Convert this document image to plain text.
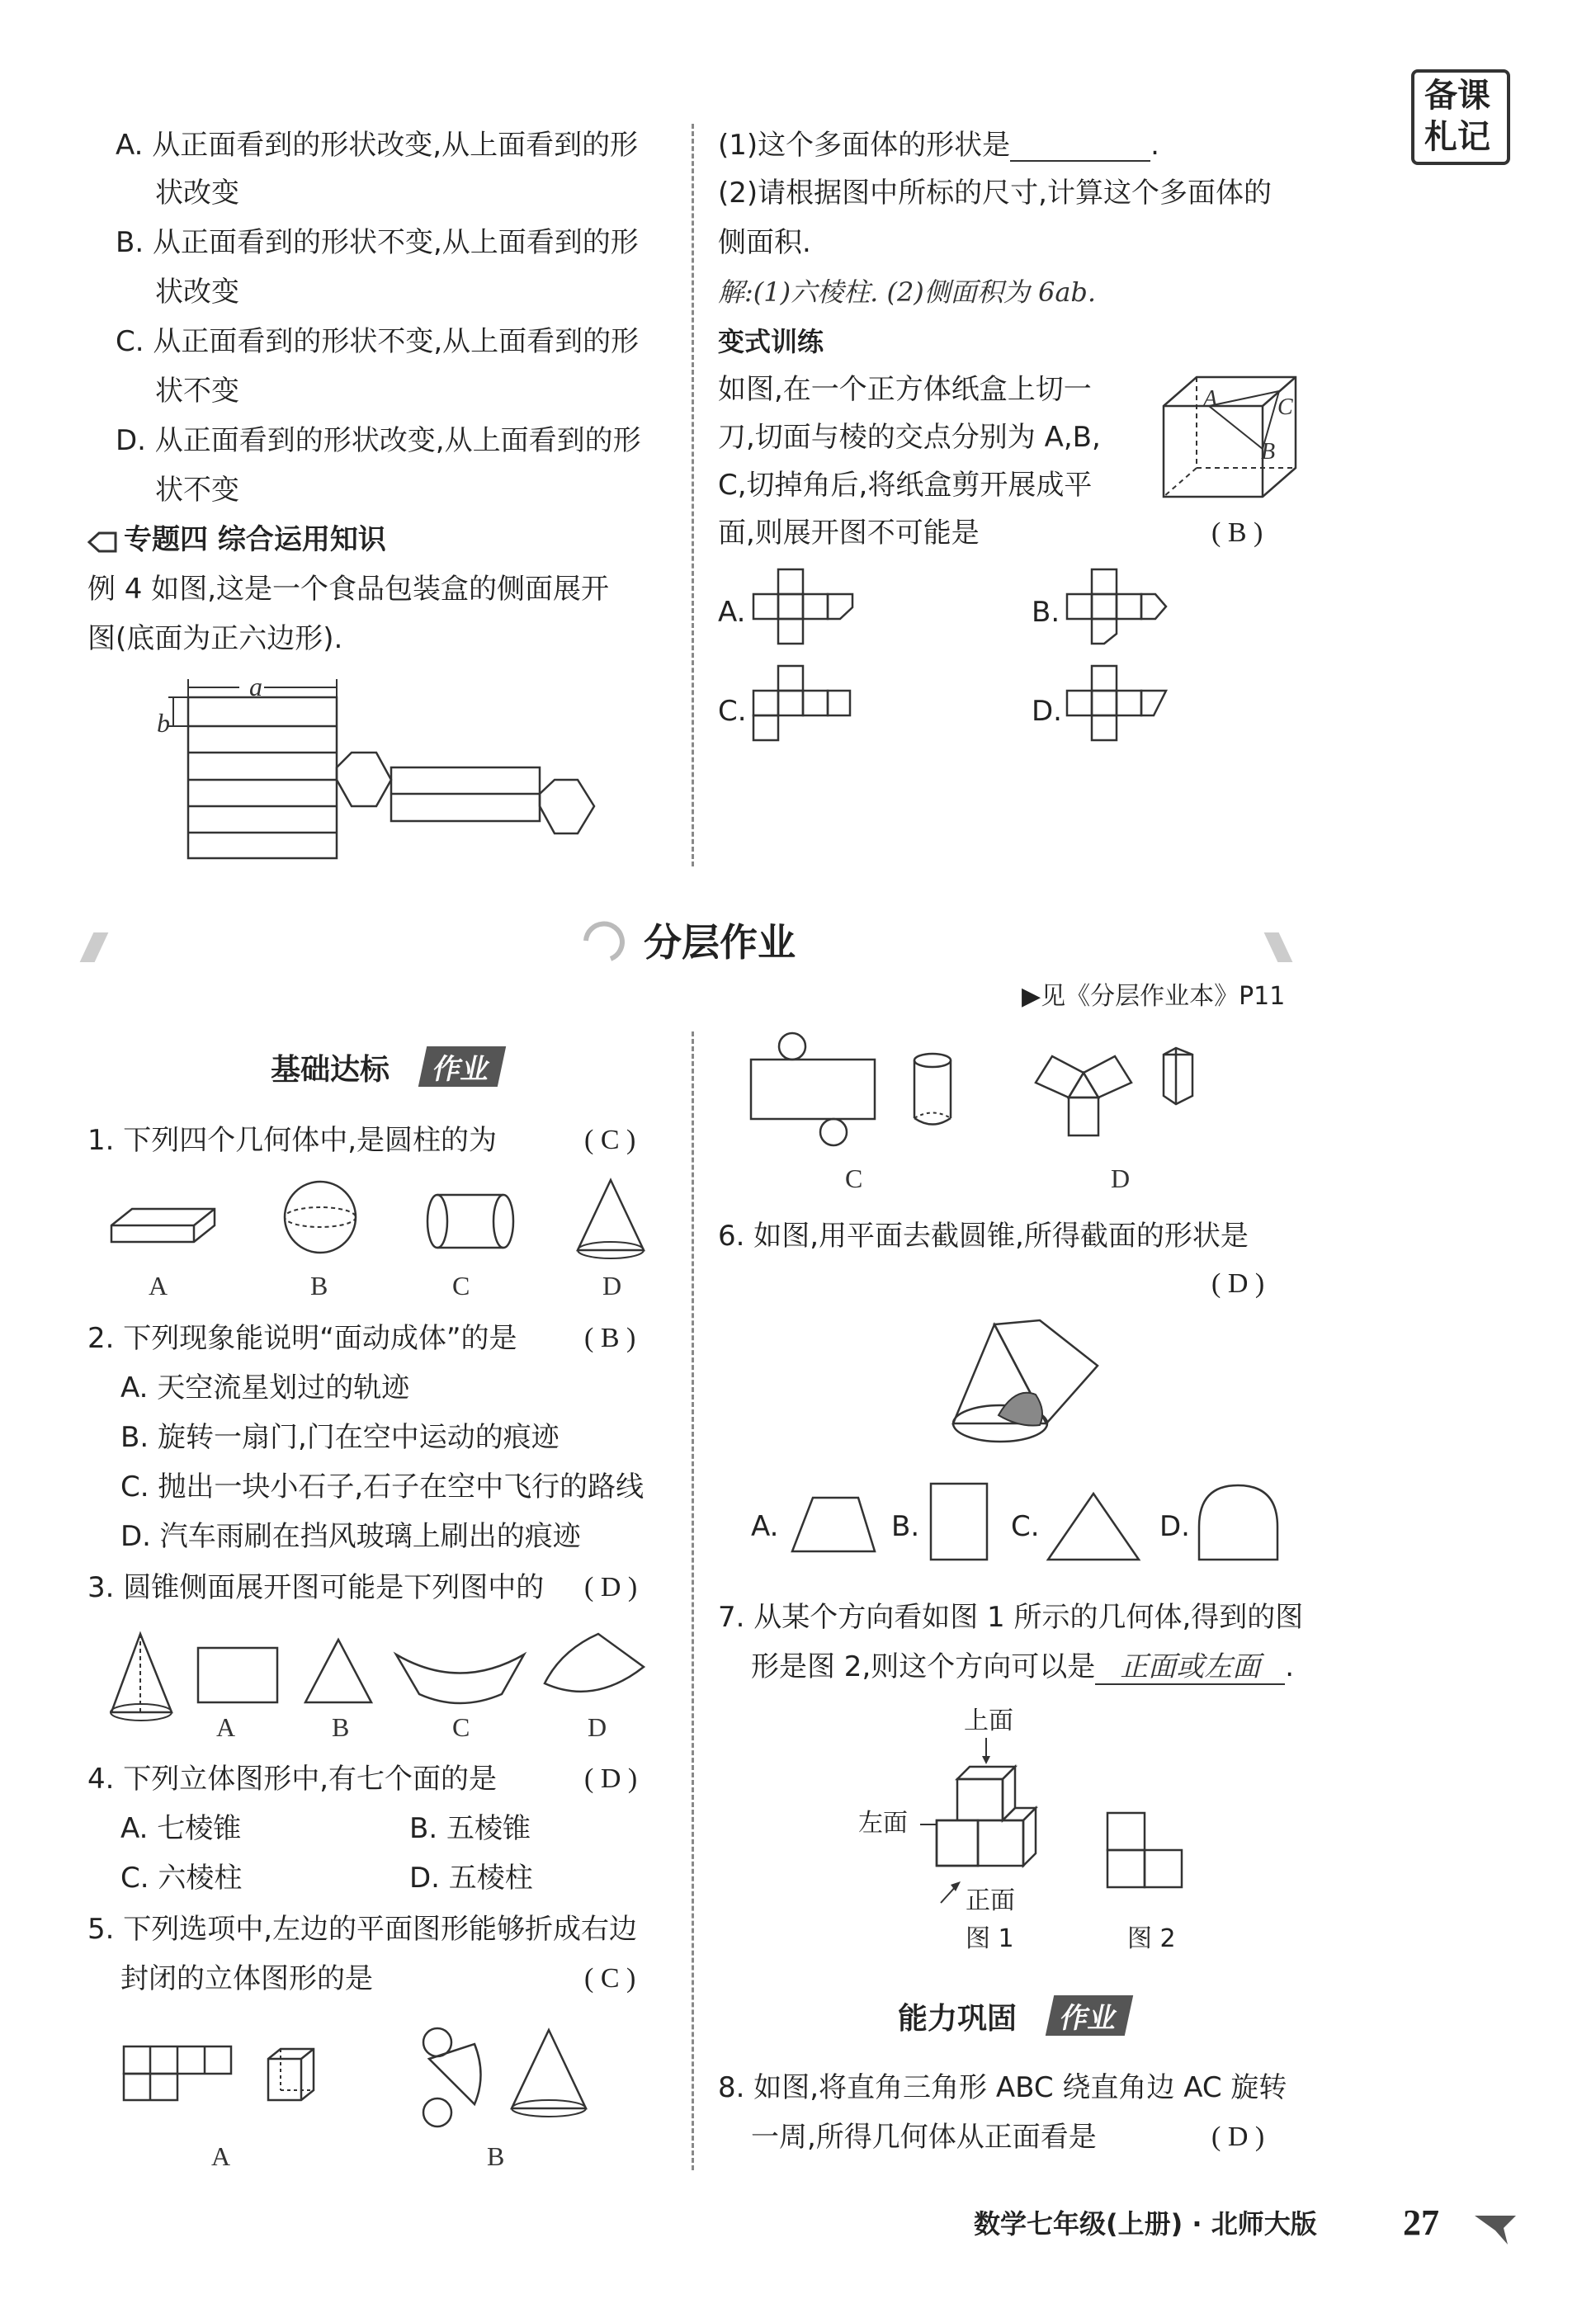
备课
札记
A. 从正面看到的形状改变,从上面看到的形
状改变
B. 从正面看到的形状不变,从上面看到的形
状改变
C. 从正面看到的形状不变,从上面看到的形
状不变
D. 从正面看到的形状改变,从上面看到的形
状不变
专题四 综合运用知识
例 4 如图,这是一个食品包装盒的侧面展开
图(底面为正六边形).
a
b
(1)这个多面体的形状是	.
(2)请根据图中所标的尺寸,计算这个多面体的
侧面积.
解:(1)六棱柱. (2)侧面积为 6ab.
变式训练
如图,在一个正方体纸盒上切一
刀,切面与棱的交点分别为 A,B,
C,切掉角后,将纸盒剪开展成平
面,则展开图不可能是	( B )
A	C
B
A.	B.
C.	D.
分层作业
▶见《分层作业本》P11
基础达标	作业
1. 下列四个几何体中,是圆柱的为	( C )
A	B	C	D
2. 下列现象能说明“面动成体”的是 ( B )
A. 天空流星划过的轨迹
B. 旋转一扇门,门在空中运动的痕迹
C. 抛出一块小石子,石子在空中飞行的路线
D. 汽车雨刷在挡风玻璃上刷出的痕迹
3. 圆锥侧面展开图可能是下列图中的 ( D )
A	B	C	D
4. 下列立体图形中,有七个面的是	( D )
A. 七棱锥	B. 五棱锥
C. 六棱柱	D. 五棱柱
5. 下列选项中,左边的平面图形能够折成右边
封闭的立体图形的是	( C )
A	B
C	D
6. 如图,用平面去截圆锥,所得截面的形状是
( D )
A.	B.	C.	D.
7. 从某个方向看如图 1 所示的几何体,得到的图
形是图 2,则这个方向可以是 正面或左面 .
上面
左面
正面
图 1	图 2
能力巩固	作业
8. 如图,将直角三角形 ABC 绕直角边 AC 旋转
一周,所得几何体从正面看是	( D )
数学七年级(上册) · 北师大版 27
